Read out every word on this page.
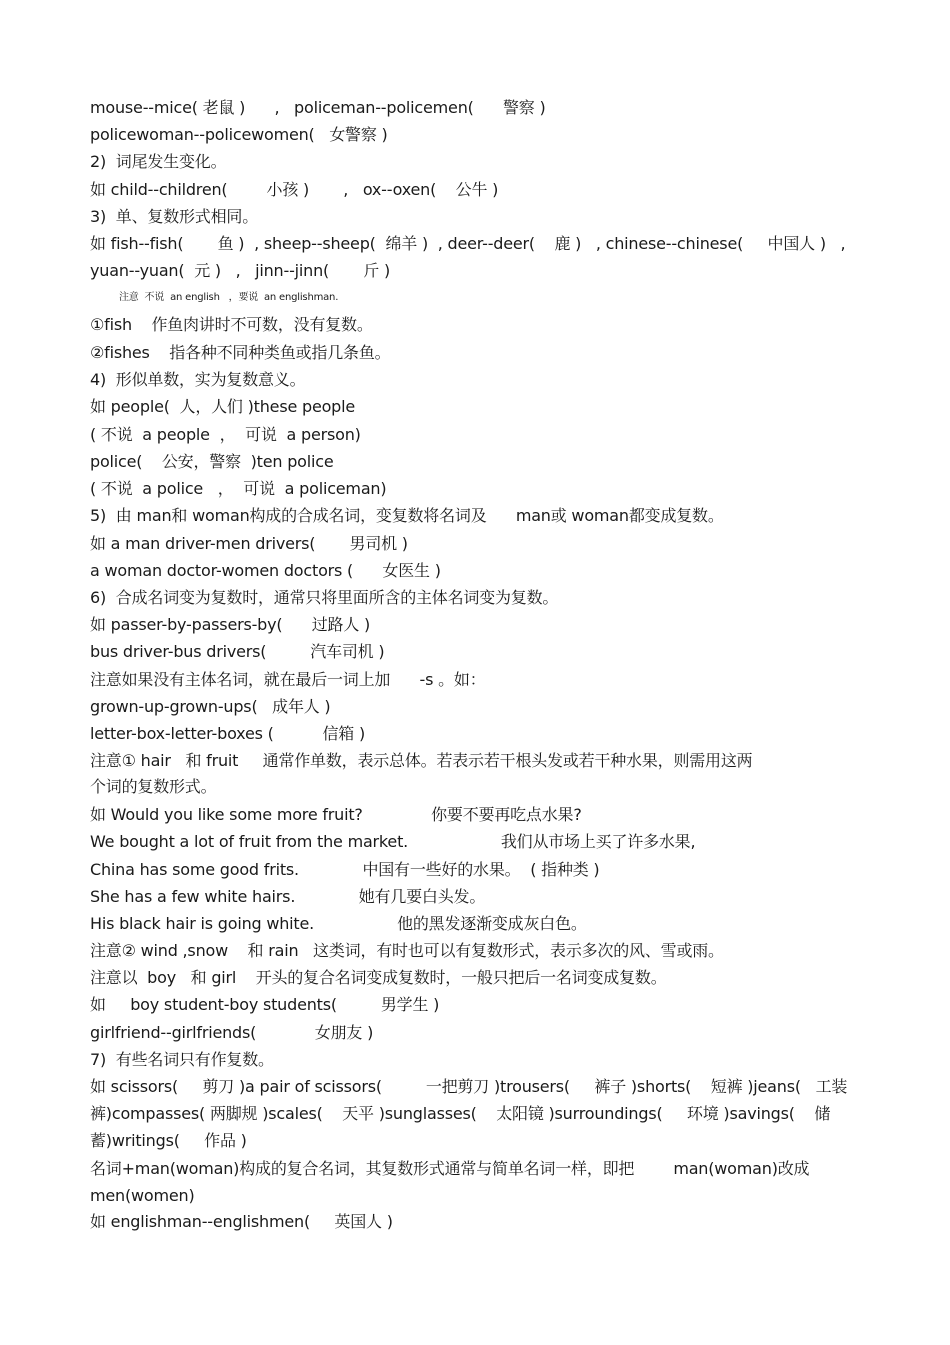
mouse--mice( 老鼠 )      ,   policeman--policemen(      警察 )
policewoman--policewomen(   女警察 )
2)  词尾发生变化。
如 child--children(        小孩 )       ,   ox--oxen(    公牛 )
3)  单、复数形式相同。
如 fish--fish(       鱼 )  , sheep--sheep(  绵羊 )  , deer--deer(    鹿 )   , chinese--chinese(     中国人 )   ,
yuan--yuan(  元 )   ,   jinn--jinn(       斤 )
注意  不说  an english   ，要说  an englishman.
①fish    作鱼肉讲时不可数，没有复数。
②fishes    指各种不同种类鱼或指几条鱼。
4)  形似单数，实为复数意义。
如 people(  人，人们 )these people
( 不说  a people  ，  可说  a person)
police(    公安，警察  )ten police
( 不说  a police   ，  可说  a policeman)
5)  由 man和 woman构成的合成名词，变复数将名词及      man或 woman都变成复数。
如 a man driver-men drivers(       男司机 )
a woman doctor-women doctors (      女医生 )
6)  合成名词变为复数时，通常只将里面所含的主体名词变为复数。
如 passer-by-passers-by(      过路人 )
bus driver-bus drivers(         汽车司机 )
注意如果没有主体名词，就在最后一词上加      -s 。如：
grown-up-grown-ups(   成年人 )
letter-box-letter-boxes (          信箱 )
注意① hair   和 fruit     通常作单数，表示总体。若表示若干根头发或若干种水果，则需用这两
个词的复数形式。
如 Would you like some more fruit?              你要不要再吃点水果?
We bought a lot of fruit from the market.                   我们从市场上买了许多水果,
China has some good frits.             中国有一些好的水果。  ( 指种类 )
She has a few white hairs.             她有几要白头发。
His black hair is going white.                 他的黑发逐渐变成灰白色。
注意② wind ,snow    和 rain   这类词，有时也可以有复数形式，表示多次的风、雪或雨。
注意以  boy   和 girl    开头的复合名词变成复数时，一般只把后一名词变成复数。
如     boy student-boy students(         男学生 )
girlfriend--girlfriends(            女朋友 )
7)  有些名词只有作复数。
如 scissors(     剪刀 )a pair of scissors(         一把剪刀 )trousers(     裤子 )shorts(    短裤 )jeans(   工装
裤)compasses( 两脚规 )scales(    天平 )sunglasses(    太阳镜 )surroundings(     环境 )savings(    储
蓄)writings(     作品 )
名词+man(woman)构成的复合名词，其复数形式通常与简单名词一样，即把        man(woman)改成
men(women)
如 englishman--englishmen(     英国人 )
